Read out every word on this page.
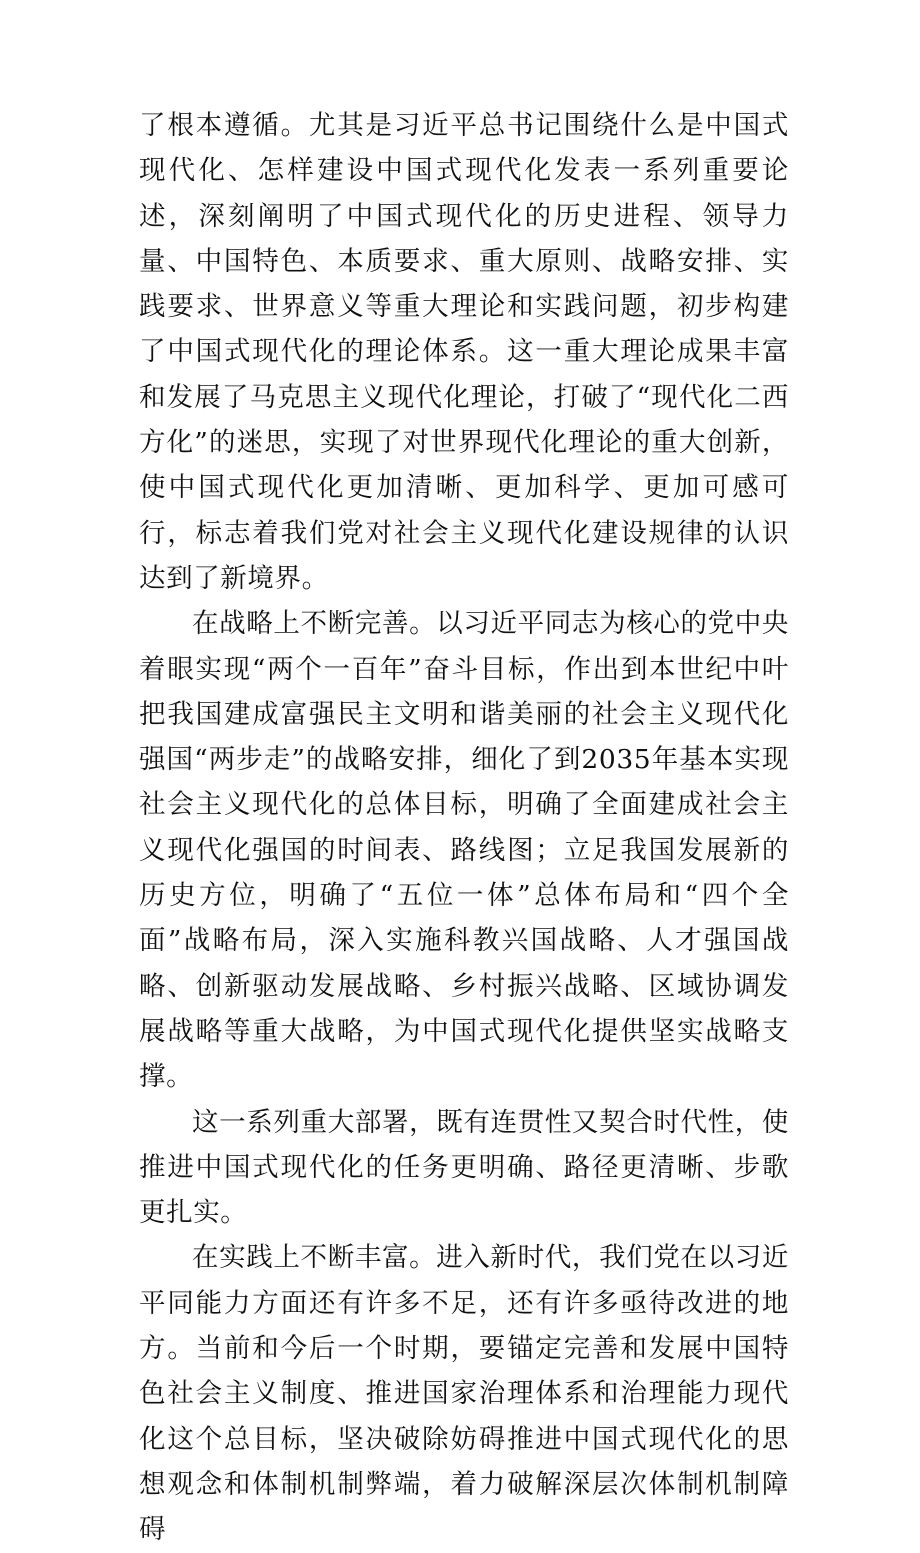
了根本遵循。尤其是习近平总书记围绕什么是中国式现代化、怎样建设中国式现代化发表一系列重要论述，深刻阐明了中国式现代化的历史进程、领导力量、中国特色、本质要求、重大原则、战略安排、实践要求、世界意义等重大理论和实践问题，初步构建了中国式现代化的理论体系。这一重大理论成果丰富和发展了马克思主义现代化理论，打破了“现代化二西方化”的迷思，实现了对世界现代化理论的重大创新，使中国式现代化更加清晰、更加科学、更加可感可行，标志着我们党对社会主义现代化建设规律的认识达到了新境界。

在战略上不断完善。以习近平同志为核心的党中央着眼实现“两个一百年”奋斗目标，作出到本世纪中叶把我国建成富强民主文明和谐美丽的社会主义现代化强国“两步走”的战略安排，细化了到2035年基本实现社会主义现代化的总体目标，明确了全面建成社会主义现代化强国的时间表、路线图；立足我国发展新的历史方位，明确了“五位一体”总体布局和“四个全面”战略布局，深入实施科教兴国战略、人才强国战略、创新驱动发展战略、乡村振兴战略、区域协调发展战略等重大战略，为中国式现代化提供坚实战略支撑。

这一系列重大部署，既有连贯性又契合时代性，使推进中国式现代化的任务更明确、路径更清晰、步歌更扎实。

在实践上不断丰富。进入新时代，我们党在以习近平同能力方面还有许多不足，还有许多亟待改进的地方。当前和今后一个时期，要锚定完善和发展中国特色社会主义制度、推进国家治理体系和治理能力现代化这个总目标，坚决破除妨碍推进中国式现代化的思想观念和体制机制弊端，着力破解深层次体制机制障碍
